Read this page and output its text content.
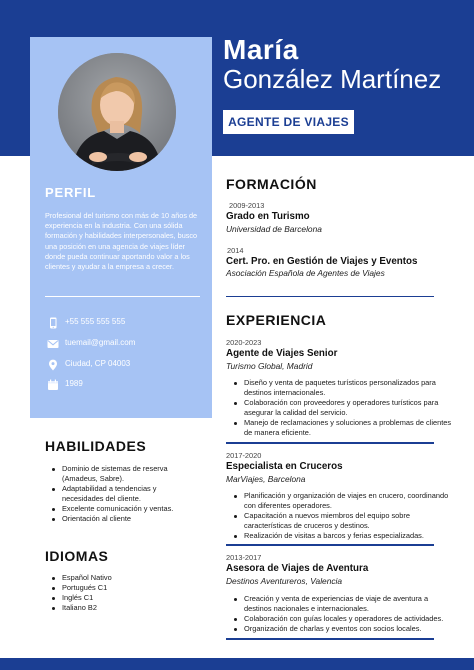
María
González Martínez
AGENTE DE VIAJES
PERFIL
Profesional del turismo con más de 10 años de experiencia en la industria. Con una sólida formación y habilidades interpersonales, busco una posición en una agencia de viajes líder donde pueda continuar aportando valor a los clientes y ayudar a la empresa a crecer.
+55 555 555 555
tuemail@gmail.com
Ciudad, CP 04003
1989
HABILIDADES
Dominio de sistemas de reserva (Amadeus, Sabre).
Adaptabilidad a tendencias y necesidades del cliente.
Excelente comunicación y ventas.
Orientación al cliente
IDIOMAS
Español Nativo
Portugués C1
Inglés C1
Italiano B2
FORMACIÓN
2009-2013
Grado en Turismo
Universidad de Barcelona
2014
Cert. Pro. en Gestión de Viajes y Eventos
Asociación Española de Agentes de Viajes
EXPERIENCIA
2020-2023
Agente de Viajes Senior
Turismo Global, Madrid
Diseño y venta de paquetes turísticos personalizados para destinos internacionales.
Colaboración con proveedores y operadores turísticos para asegurar la calidad del servicio.
Manejo de reclamaciones y soluciones a problemas de clientes de manera eficiente.
2017-2020
Especialista en Cruceros
MarViajes, Barcelona
Planificación y organización de viajes en crucero, coordinando con diferentes operadores.
Capacitación a nuevos miembros del equipo sobre características de cruceros y destinos.
Realización de visitas a barcos y ferias especializadas.
2013-2017
Asesora de Viajes de Aventura
Destinos Aventureros, Valencia
Creación y venta de experiencias de viaje de aventura a destinos nacionales e internacionales.
Colaboración con guías locales y operadores de actividades.
Organización de charlas y eventos con socios locales.
